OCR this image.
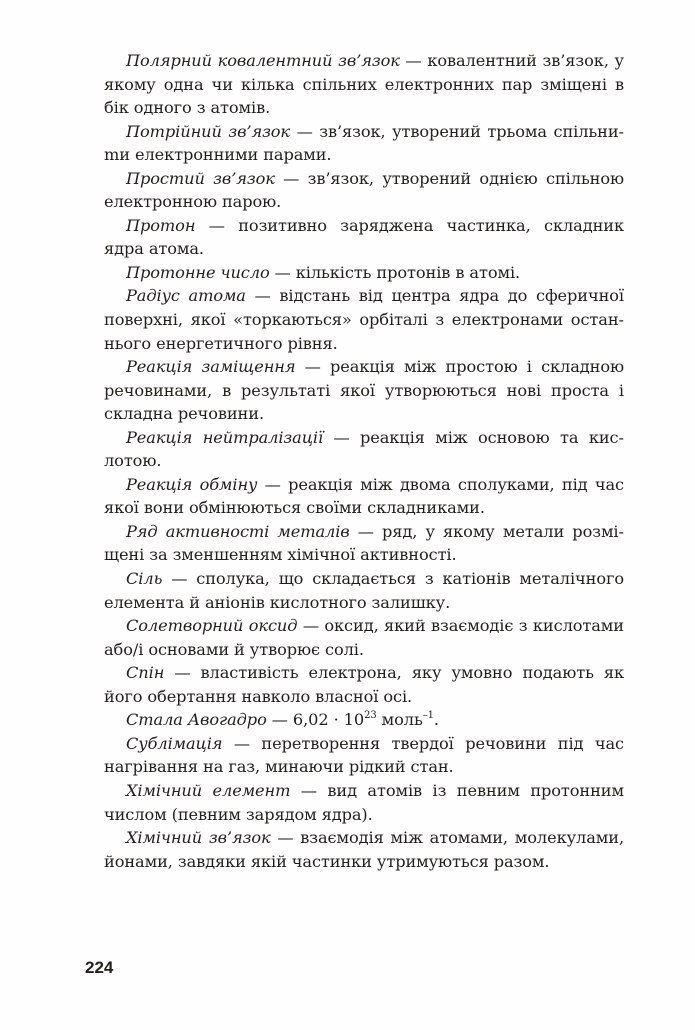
Полярний ковалентний зв’язок — ковалентний зв’язок, у якому одна чи кілька спільних електронних пар зміщені в бік одного з атомів.

Потрійний зв’язок — зв’язок, утворений трьома спільниmи електронними парами.

Простий зв’язок — зв’язок, утворений однією спільною електронною парою.

Протон — позитивно заряджена частинка, складник ядра атома.

Протонне число — кількість протонів в атомі.

Радіус атома — відстань від центра ядра до сферичної поверхні, якої «торкаються» орбіталі з електронами останнього енергетичного рівня.

Реакція заміщення — реакція між простою і складною речовинами, в результаті якої утворюються нові проста і складна речовини.

Реакція нейтралізації — реакція між основою та кислотою.

Реакція обміну — реакція між двома сполуками, під час якої вони обмінюються своїми складниками.

Ряд активності металів — ряд, у якому метали розміщені за зменшенням хімічної активності.

Сіль — сполука, що складається з катіонів металічного елемента й аніонів кислотного залишку.

Солетворний оксид — оксид, який взаємодіє з кислотами або/і основами й утворює солі.

Спін — властивість електрона, яку умовно подають як його обертання навколо власної осі.

Стала Авогадро — $6,02 \cdot 10^{23}$ моль$^{-1}$.

Сублімація — перетворення твердої речовини під час нагрівання на газ, минаючи рідкий стан.

Хімічний елемент — вид атомів із певним протонним числом (певним зарядом ядра).

Хімічний зв’язок — взаємодія між атомами, молекулами, йонами, завдяки якій частинки утримуються разом.

224
